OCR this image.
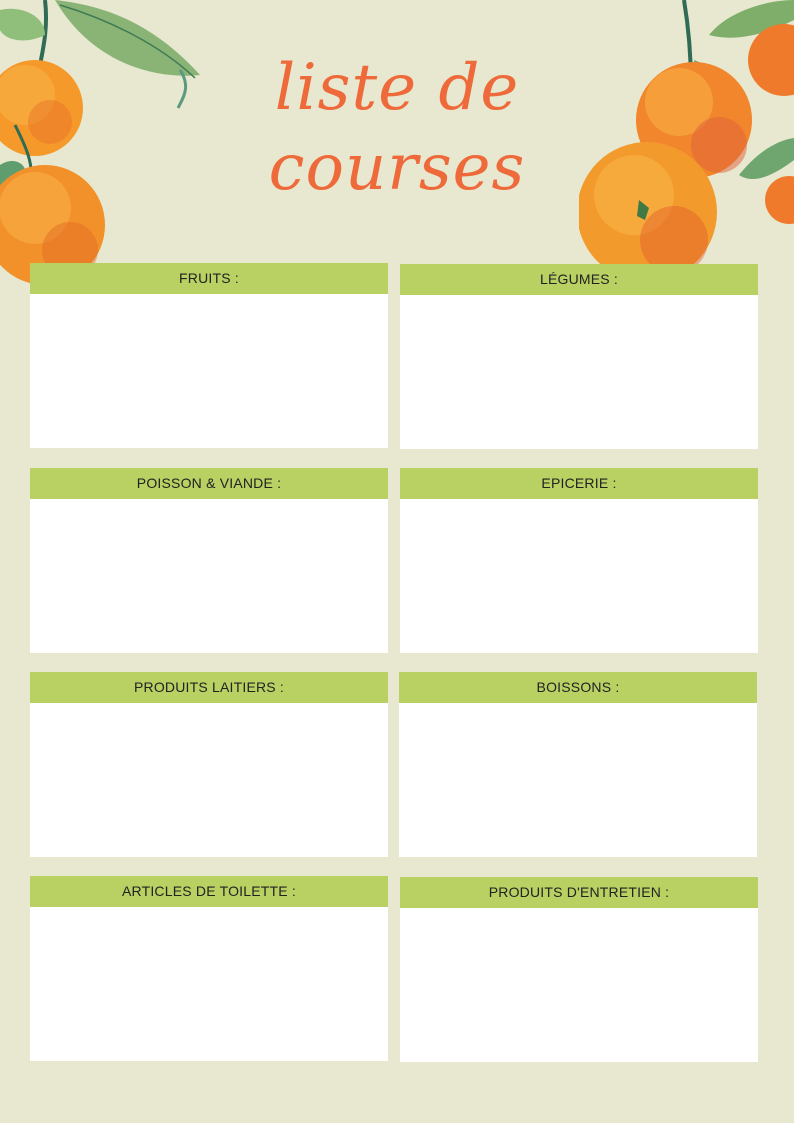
liste de
courses
FRUITS :	LÉGUMES :
POISSON & VIANDE :	EPICERIE :
PRODUITS LAITIERS :	BOISSONS :
ARTICLES DE TOILETTE :	PRODUITS D'ENTRETIEN :
